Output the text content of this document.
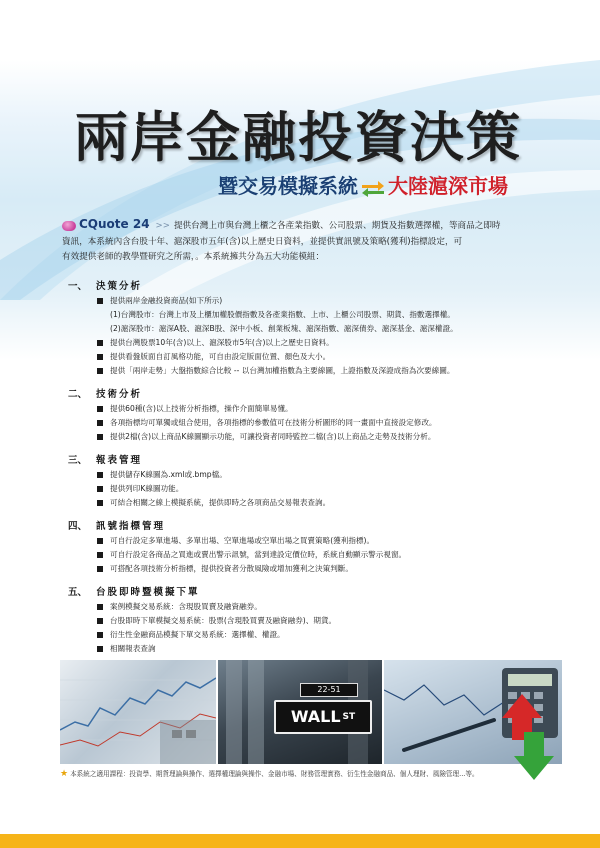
兩岸金融投資決策
暨交易模擬系統 大陸滬深市場
CQuote 24 >> 提供台灣上市與台灣上櫃之各產業指數、公司股票、期貨及指數選擇權，等商品之即時
資訊，本系統內含台股十年、滬深股市五年(含)以上歷史日資料，並提供實訊號及策略(獲利)指標設定，可
有效提供老師的教學暨研究之所需，。本系統擁共分為五大功能模組：
一、 決策分析
提供兩岸金融投資商品(如下所示)
(1)台灣股市：台灣上市及上櫃加權股價指數及各產業指數、上市、上櫃公司股票、期貨、指數選擇權。
(2)滬深股市：滬深A股、滬深B股、深中小板、創業板塊、滬深指數、滬深債券、滬深基金、滬深權證。
提供台灣股票10年(含)以上、滬深股市5年(含)以上之歷史日資料。
提供看盤版面自訂風格功能，可自由設定版面位置、顏色及大小。
提供「兩岸走勢」大盤指數綜合比較 -- 以台灣加權指數為主要線圖，上證指數及深證成指為次要線圖。
二、 技術分析
提供60種(含)以上技術分析指標，操作介面簡單易懂。
各項指標均可單獨或組合使用，各項指標的參數值可在技術分析圖形的同一畫面中直接設定修改。
提供2檔(含)以上商品K線圖顯示功能，可讓投資者同時監控二檔(含)以上商品之走勢及技術分析。
三、 報表管理
提供儲存K線圖為.xml或.bmp檔。
提供列印K線圖功能。
可結合相關之線上模擬系統，提供即時之各項商品交易報表查詢。
四、 訊號指標管理
可自行設定多單進場、多單出場、空單進場或空單出場之買賣策略(獲利指標)。
可自行設定各商品之買進或賣出警示訊號，當到達設定價位時，系統自動顯示警示視窗。
可搭配各項技術分析指標，提供投資者分散風險或增加獲利之決策判斷。
五、 台股即時暨模擬下單
案例模擬交易系統：含現股買賣及融資融券。
台股即時下單模擬交易系統：股票(含現股買賣及融資融券)、期貨。
衍生性金融商品模擬下單交易系統：選擇權、權證。
相關報表查詢
22-51
WALL $^{ST}$
★ 本系統之適用課程：投資學、期貨理論與操作、選擇權理論與操作、金融市場、財務管理實務、衍生性金融商品、個人理財、風險管理...等。
